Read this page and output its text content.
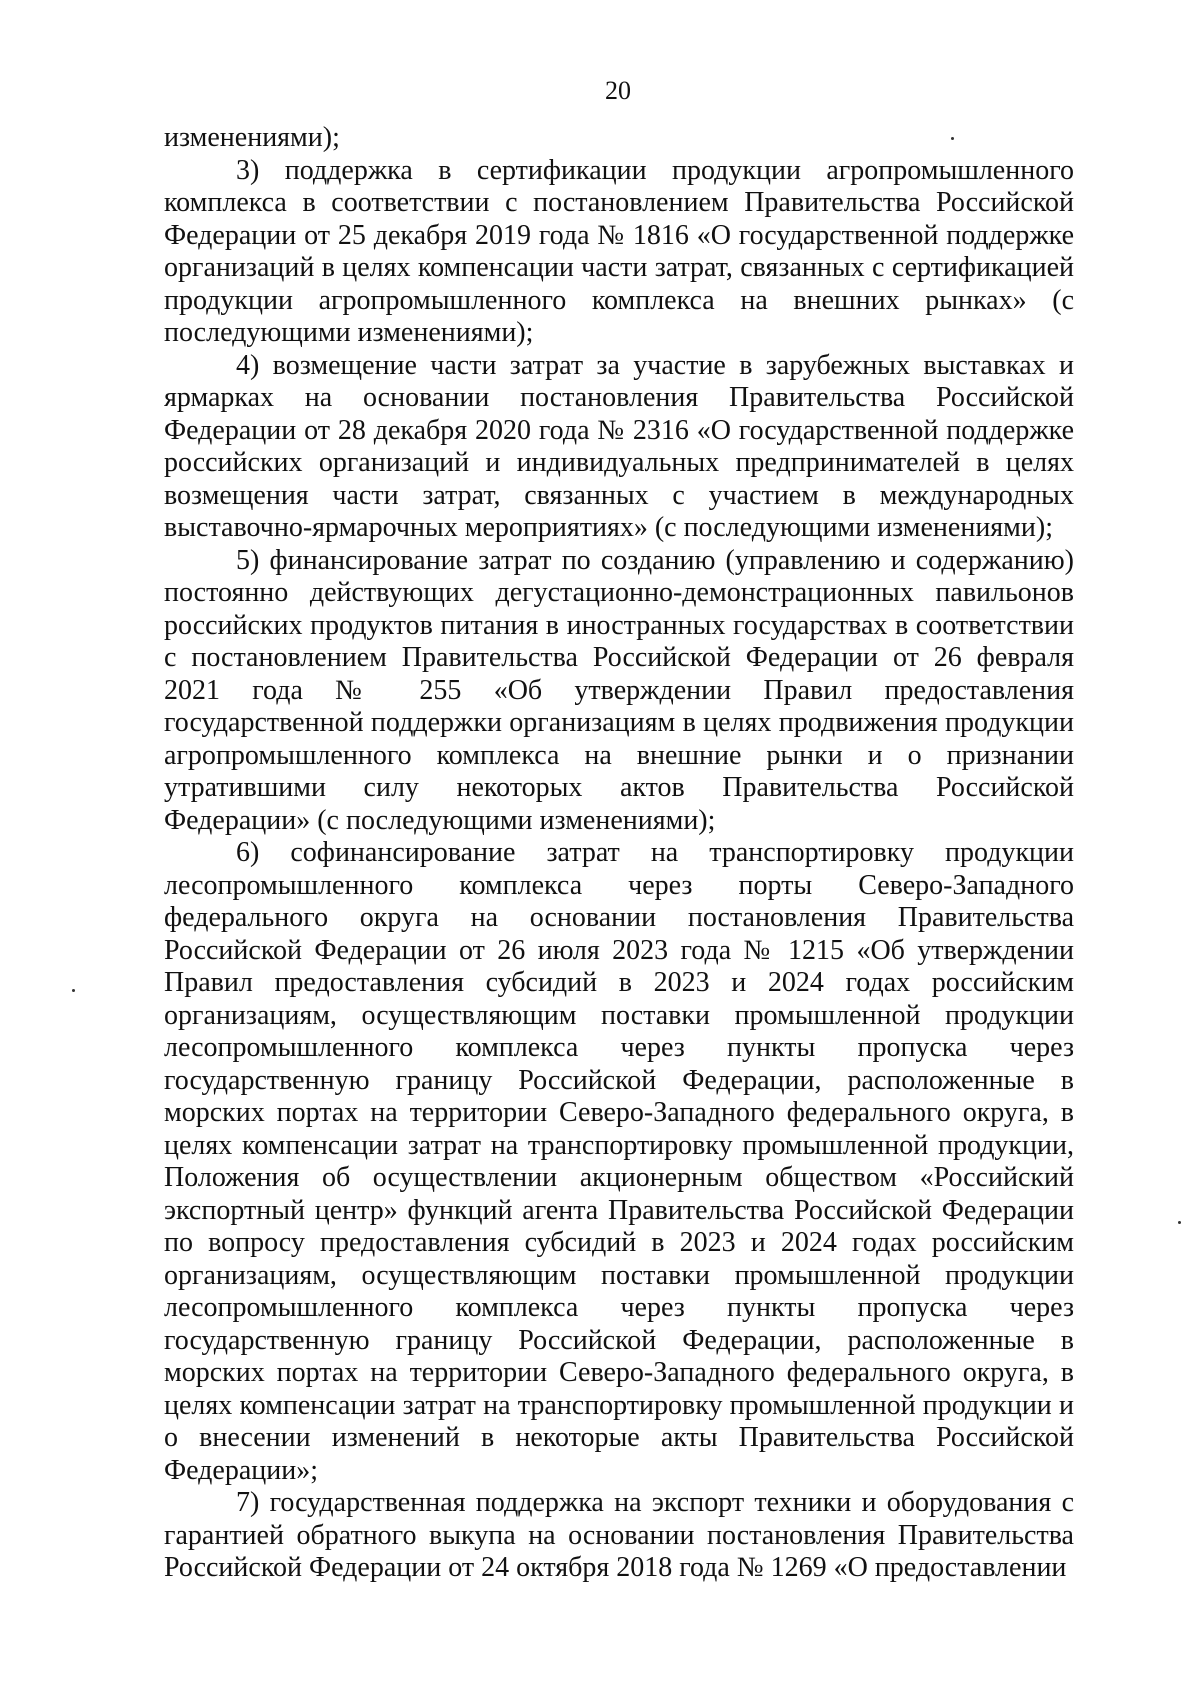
20

изменениями);

3) поддержка в сертификации продукции агропромышленного комплекса в соответствии с постановлением Правительства Российской Федерации от 25 декабря 2019 года № 1816 «О государственной поддержке организаций в целях компенсации части затрат, связанных с сертификацией продукции агропромышленного комплекса на внешних рынках» (с последующими изменениями);

4) возмещение части затрат за участие в зарубежных выставках и ярмарках на основании постановления Правительства Российской Федерации от 28 декабря 2020 года № 2316 «О государственной поддержке российских организаций и индивидуальных предпринимателей в целях возмещения части затрат, связанных с участием в международных выставочно-ярмарочных мероприятиях» (с последующими изменениями);

5) финансирование затрат по созданию (управлению и содержанию) постоянно действующих дегустационно-демонстрационных павильонов российских продуктов питания в иностранных государствах в соответствии с постановлением Правительства Российской Федерации от 26 февраля 2021 года № 255 «Об утверждении Правил предоставления государственной поддержки организациям в целях продвижения продукции агропромышленного комплекса на внешние рынки и о признании утратившими силу некоторых актов Правительства Российской Федерации» (с последующими изменениями);

6) софинансирование затрат на транспортировку продукции лесопромышленного комплекса через порты Северо-Западного федерального округа на основании постановления Правительства Российской Федерации от 26 июля 2023 года № 1215 «Об утверждении Правил предоставления субсидий в 2023 и 2024 годах российским организациям, осуществляющим поставки промышленной продукции лесопромышленного комплекса через пункты пропуска через государственную границу Российской Федерации, расположенные в морских портах на территории Северо-Западного федерального округа, в целях компенсации затрат на транспортировку промышленной продукции, Положения об осуществлении акционерным обществом «Российский экспортный центр» функций агента Правительства Российской Федерации по вопросу предоставления субсидий в 2023 и 2024 годах российским организациям, осуществляющим поставки промышленной продукции лесопромышленного комплекса через пункты пропуска через государственную границу Российской Федерации, расположенные в морских портах на территории Северо-Западного федерального округа, в целях компенсации затрат на транспортировку промышленной продукции и о внесении изменений в некоторые акты Правительства Российской Федерации»;

7) государственная поддержка на экспорт техники и оборудования с гарантией обратного выкупа на основании постановления Правительства Российской Федерации от 24 октября 2018 года № 1269 «О предоставлении
